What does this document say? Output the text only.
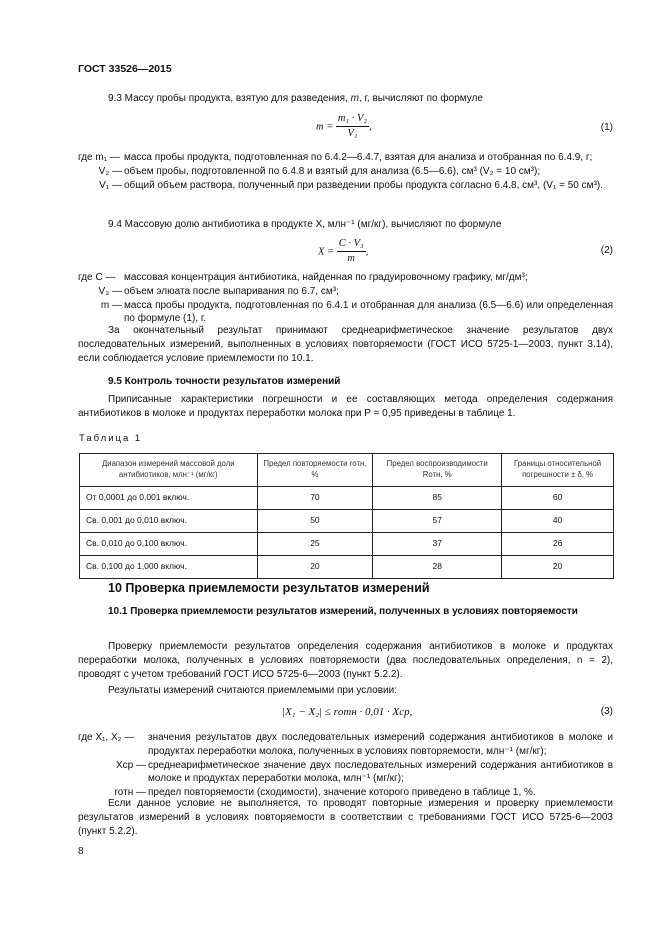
ГОСТ 33526—2015
9.3 Массу пробы продукта, взятую для разведения, m, г, вычисляют по формуле
$m = \frac{\text{m₁ · V₂}}{\text{V₁}}$ ,	(1)
где m₁ — масса пробы продукта, подготовленная по 6.4.2—6.4.7, взятая для анализа и отобранная по 6.4.9, г;
V₂ — объем пробы, подготовленной по 6.4.8 и взятый для анализа (6.5—6.6), см³ (V₂ = 10 см³);
V₁ — общий объем раствора, полученный при разведении пробы продукта согласно 6.4.8, см³, (V₁ = 50 см³).
9.4 Массовую долю антибиотика в продукте X, млн⁻¹ (мг/кг), вычисляют по формуле
$X = \frac{\text{C · V₃}}{m}$ ,	(2)
где C — массовая концентрация антибиотика, найденная по градуировочному графику, мг/дм³;
V₃ — объем элюата после выпаривания по 6.7, см³;
m — масса пробы продукта, подготовленная по 6.4.1 и отобранная для анализа (6.5—6.6) или определенная по формуле (1), г.
За окончательный результат принимают среднеарифметическое значение результатов двух последовательных измерений, выполненных в условиях повторяемости (ГОСТ ИСО 5725-1—2003, пункт 3.14), если соблюдается условие приемлемости по 10.1.
9.5 Контроль точности результатов измерений
Приписанные характеристики погрешности и ее составляющих метода определения содержания антибиотиков в молоке и продуктах переработки молока при P = 0,95 приведены в таблице 1.
Таблица 1
Диапазон измерений массовой доли антибиотиков, млн⁻¹ (мг/кг)	Предел повторяемости rотн, %	Предел воспроизводимости Rотн, %	Границы относительной погрешности ± δ, %
От 0,0001 до 0,001 включ.	70	85	60
Св. 0,001 до 0,010 включ.	50	57	40
Св. 0,010 до 0,100 включ.	25	37	26
Св. 0,100 до 1,000 включ.	20	28	20
10 Проверка приемлемости результатов измерений
10.1 Проверка приемлемости результатов измерений, полученных в условиях повторяемости
Проверку приемлемости результатов определения содержания антибиотиков в молоке и продуктах переработки молока, полученных в условиях повторяемости (два последовательных определения, n = 2), проводят с учетом требований ГОСТ ИСО 5725-6—2003 (пункт 5.2.2).
Результаты измерений считаются приемлемыми при условии:
|X₁ − X₂| ≤ rотн · 0,01 · Xср,	(3)
где X₁, X₂ —	значения результатов двух последовательных измерений содержания антибиотиков в молоке и продуктах переработки молока, полученных в условиях повторяемости, млн⁻¹ (мг/кг);
Xср — среднеарифметическое значение двух последовательных измерений содержания антибиотиков в молоке и продуктах переработки молока, млн⁻¹ (мг/кг);
rотн — предел повторяемости (сходимости), значение которого приведено в таблице 1, %.
Если данное условие не выполняется, то проводят повторные измерения и проверку приемлемости результатов измерений в условиях повторяемости в соответствии с требованиями ГОСТ ИСО 5725-6—2003 (пункт 5.2.2).
8
